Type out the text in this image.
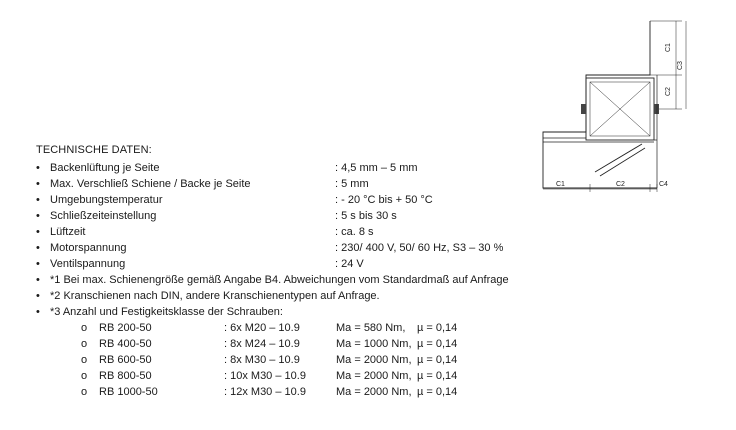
C1
C2
C3
C1	C2	C4
TECHNISCHE DATEN:
• Backenlüftung je Seite	: 4,5 mm – 5 mm
• Max. Verschließ Schiene / Backe je Seite	: 5 mm
• Umgebungstemperatur	: - 20 °C bis + 50 °C
• Schließzeiteinstellung	: 5 s bis 30 s
• Lüftzeit	: ca. 8 s
• Motorspannung	: 230/ 400 V, 50/ 60 Hz, S3 – 30 %
• Ventilspannung	: 24 V
• *1 Bei max. Schienengröße gemäß Angabe B4. Abweichungen vom Standardmaß auf Anfrage
• *2 Kranschienen nach DIN, andere Kranschienentypen auf Anfrage.
• *3 Anzahl und Festigkeitsklasse der Schrauben:
o RB 200-50	: 6x M20 – 10.9	Ma = 580 Nm, µ = 0,14
o RB 400-50	: 8x M24 – 10.9	Ma = 1000 Nm, µ = 0,14
o RB 600-50	: 8x M30 – 10.9	Ma = 2000 Nm, µ = 0,14
o RB 800-50	: 10x M30 – 10.9	Ma = 2000 Nm, µ = 0,14
o RB 1000-50	: 12x M30 – 10.9	Ma = 2000 Nm, µ = 0,14
